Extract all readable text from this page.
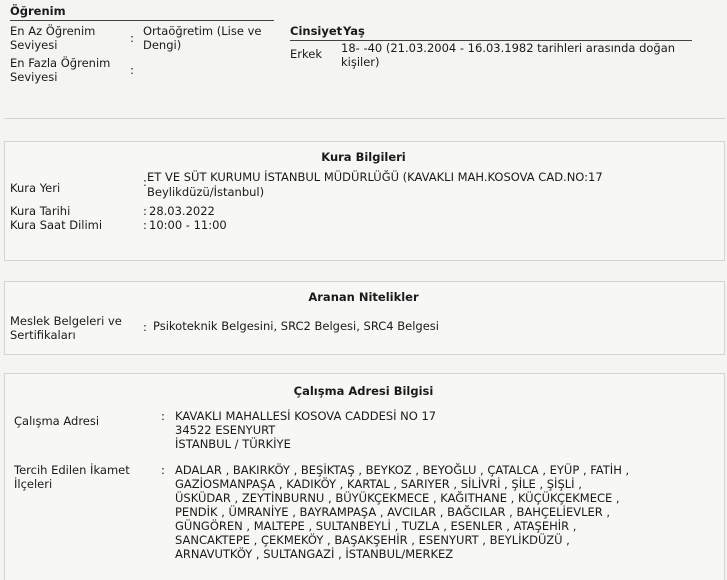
Öğrenim
En Az Öğrenim Seviyesi	: Ortaöğretim (Lise ve Dengi)
En Fazla Öğrenim Seviyesi	:
Cinsiyet Yaş
Erkek 18- -40 (21.03.2004 - 16.03.1982 tarihleri arasında doğan kişiler)
Kura Bilgileri
Kura Yeri	: ET VE SÜT KURUMU İSTANBUL MÜDÜRLÜĞÜ (KAVAKLI MAH.KOSOVA CAD.NO:17
Beylikdüzü/İstanbul)
Kura Tarihi	: 28.03.2022
Kura Saat Dilimi	: 10:00 - 11:00
Aranan Nitelikler
Meslek Belgeleri ve Sertifikaları
: Psikoteknik Belgesini, SRC2 Belgesi, SRC4 Belgesi
Çalışma Adresi Bilgisi
Çalışma Adresi	: KAVAKLI MAHALLESİ KOSOVA CADDESİ NO 17
34522 ESENYURT
İSTANBUL / TÜRKİYE
Tercih Edilen İkamet İlçeleri
: ADALAR , BAKIRKÖY , BEŞİKTAŞ , BEYKOZ , BEYOĞLU , ÇATALCA , EYÜP , FATİH ,
GAZİOSMANPAŞA , KADIKÖY , KARTAL , SARIYER , SİLİVRİ , ŞİLE , ŞİŞLİ ,
ÜSKÜDAR , ZEYTİNBURNU , BÜYÜKÇEKMECE , KAĞITHANE , KÜÇÜKÇEKMECE ,
PENDİK , ÜMRANİYE , BAYRAMPAŞA , AVCILAR , BAĞCILAR , BAHÇELİEVLER ,
GÜNGÖREN , MALTEPE , SULTANBEYLİ , TUZLA , ESENLER , ATAŞEHİR ,
SANCAKTEPE , ÇEKMEKÖY , BAŞAKŞEHİR , ESENYURT , BEYLİKDÜZÜ ,
ARNAVUTKÖY , SULTANGAZİ , İSTANBUL/MERKEZ
